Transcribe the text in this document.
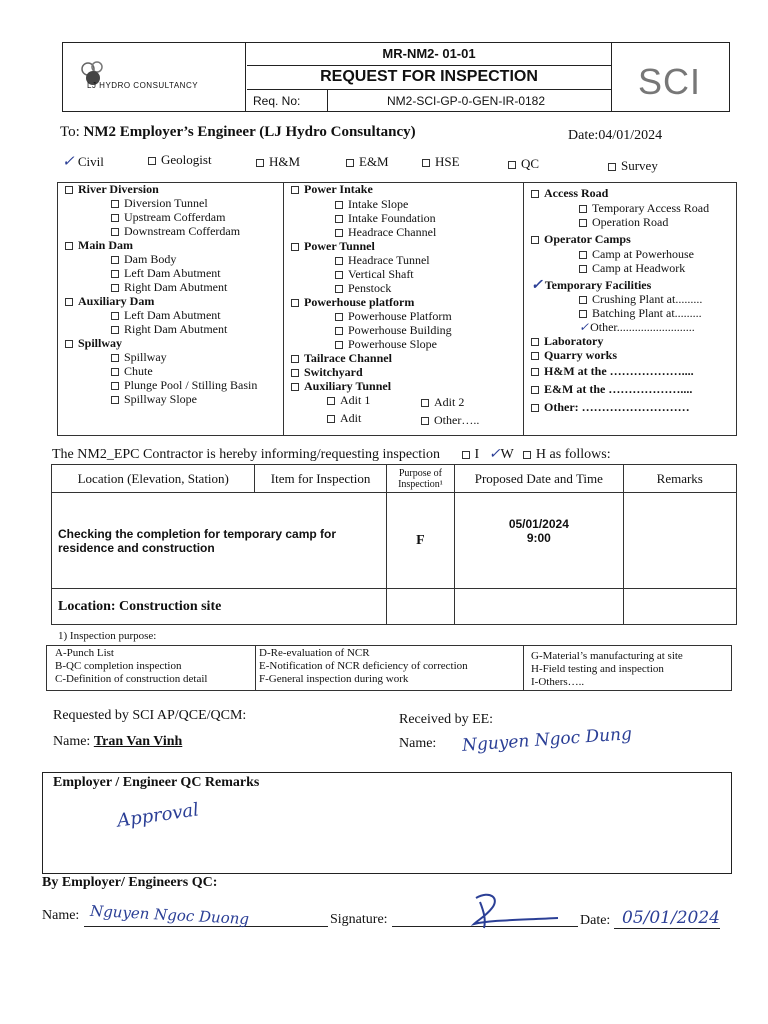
LJ HYDRO CONSULTANCY
MR-NM2- 01-01
REQUEST FOR INSPECTION
Req. No:	NM2-SCI-GP-0-GEN-IR-0182	SCI
To: NM2 Employer’s Engineer (LJ Hydro Consultancy)	Date:04/01/2024
✓ Civil	Geologist	H&M	E&M	HSE	QC	Survey
River Diversion
Diversion Tunnel
Upstream Cofferdam
Downstream Cofferdam
Main Dam
Dam Body
Left Dam Abutment
Right Dam Abutment
Auxiliary Dam
Left Dam Abutment
Right Dam Abutment
Spillway
Spillway
Chute
Plunge Pool / Stilling Basin
Spillway Slope
Power Intake
Intake Slope
Intake Foundation
Headrace Channel
Power Tunnel
Headrace Tunnel
Vertical Shaft
Penstock
Powerhouse platform
Powerhouse Platform
Powerhouse Building
Powerhouse Slope
Tailrace Channel
Switchyard
Auxiliary Tunnel
Adit 1	Adit 2
Adit	Other…..
Access Road
Temporary Access Road
Operation Road
Operator Camps
Camp at Powerhouse
Camp at Headwork
✓ Temporary Facilities
Crushing Plant at.........
Batching Plant at.........
✓Other..........................
Laboratory
Quarry works
H&M at the ………………....
E&M at the ………………....
Other: ………………………
The NM2_EPC Contractor is hereby informing/requesting inspection I ✓W H as follows:
Location (Elevation, Station)	Item for Inspection	Purpose of Inspection¹	Proposed Date and Time	Remarks
Checking the completion for temporary camp for residence and construction		F	05/01/2024
9:00	

Location: Construction site				
1) Inspection purpose:
A-Punch List
B-QC completion inspection
C-Definition of construction detail
D-Re-evaluation of NCR
E-Notification of NCR deficiency of correction
F-General inspection during work
G-Material’s manufacturing at site
H-Field testing and inspection
I-Others…..
Requested by SCI AP/QCE/QCM:
Name: Tran Van Vinh
Received by EE:
Name: Nguyen Ngoc Dung
Employer / Engineer QC Remarks
Approval
By Employer/ Engineers QC:
Name: Nguyen Ngoc Duong	Signature:	Date: 05/01/2024
